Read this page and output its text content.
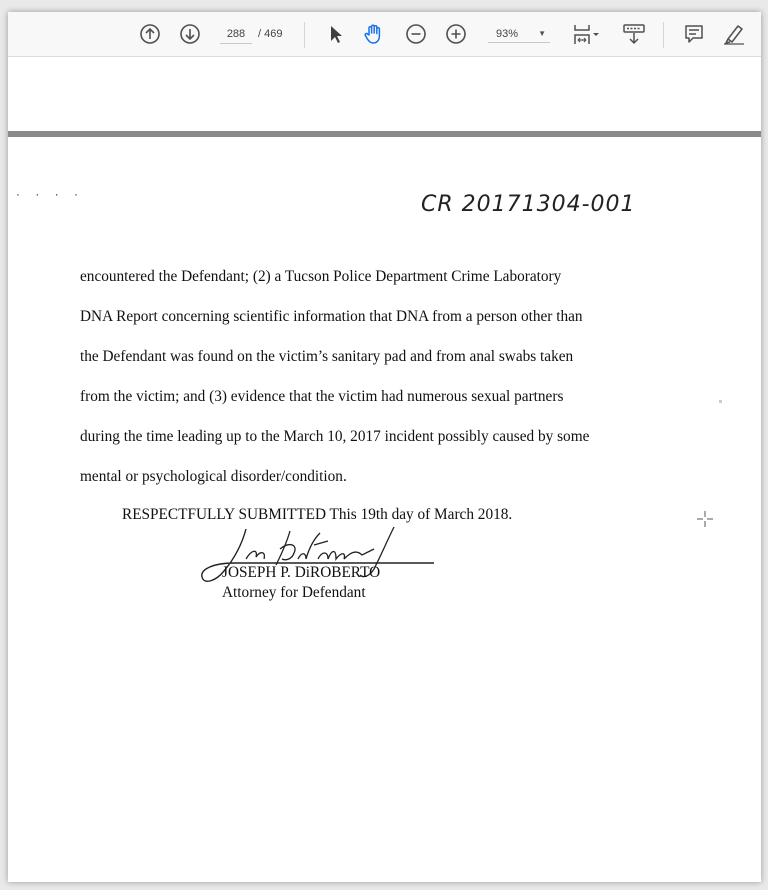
288
/ 469	93%	▼
· · · ·	CR 20171304-001
encountered the Defendant; (2) a Tucson Police Department Crime Laboratory
DNA Report concerning scientific information that DNA from a person other than
the Defendant was found on the victim’s sanitary pad and from anal swabs taken
from the victim; and (3) evidence that the victim had numerous sexual partners
during the time leading up to the March 10, 2017 incident possibly caused by some
mental or psychological disorder/condition.
RESPECTFULLY SUBMITTED This 19th day of March 2018.
JOSEPH P. DiROBERTO
Attorney for Defendant
